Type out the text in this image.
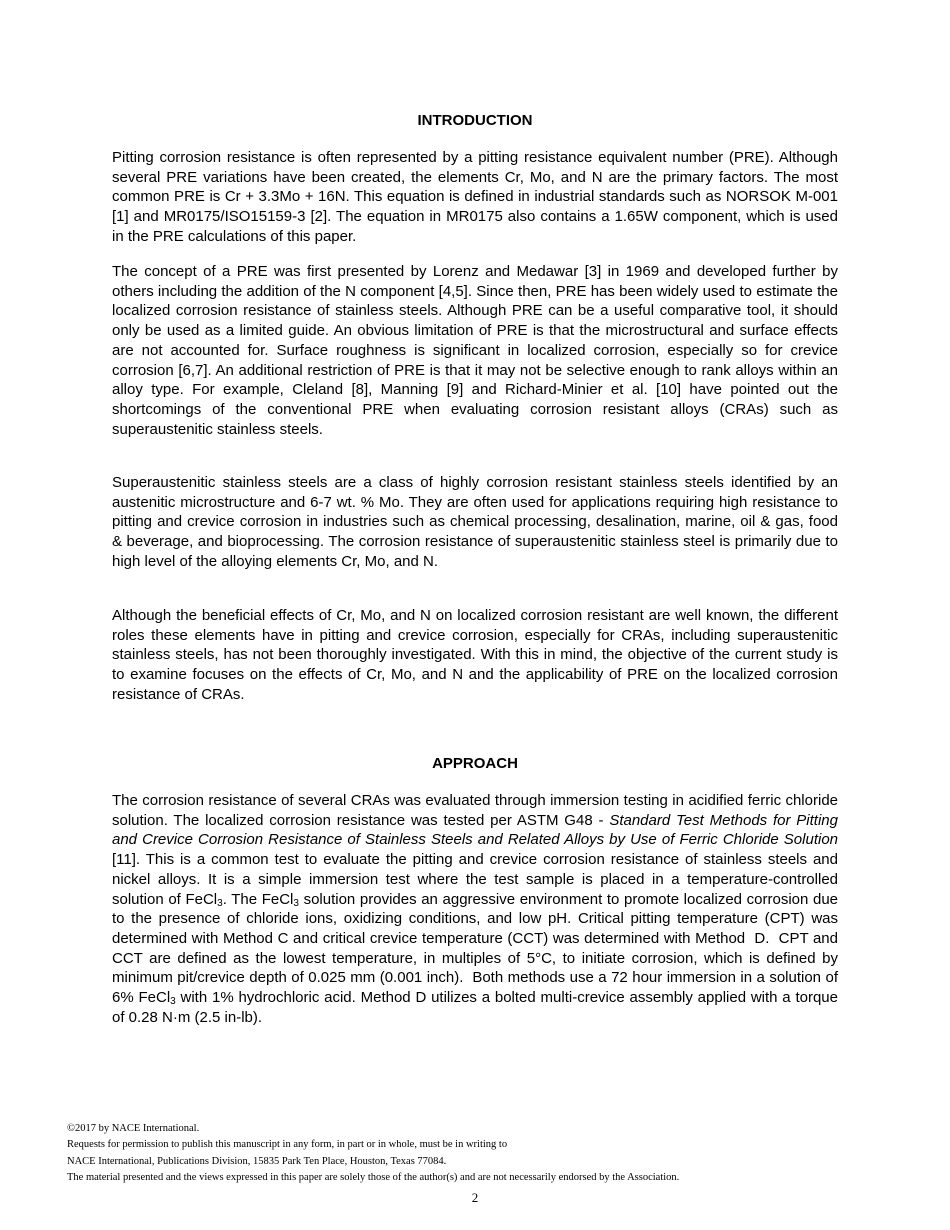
INTRODUCTION

Pitting corrosion resistance is often represented by a pitting resistance equivalent number (PRE). Although several PRE variations have been created, the elements Cr, Mo, and N are the primary factors. The most common PRE is Cr + 3.3Mo + 16N. This equation is defined in industrial standards such as NORSOK M-001 [1] and MR0175/ISO15159-3 [2]. The equation in MR0175 also contains a 1.65W component, which is used in the PRE calculations of this paper.

The concept of a PRE was first presented by Lorenz and Medawar [3] in 1969 and developed further by others including the addition of the N component [4,5]. Since then, PRE has been widely used to estimate the localized corrosion resistance of stainless steels. Although PRE can be a useful comparative tool, it should only be used as a limited guide. An obvious limitation of PRE is that the microstructural and surface effects are not accounted for. Surface roughness is significant in localized corrosion, especially so for crevice corrosion [6,7]. An additional restriction of PRE is that it may not be selective enough to rank alloys within an alloy type. For example, Cleland [8], Manning [9] and Richard-Minier et al. [10] have pointed out the shortcomings of the conventional PRE when evaluating corrosion resistant alloys (CRAs) such as superaustenitic stainless steels.

Superaustenitic stainless steels are a class of highly corrosion resistant stainless steels identified by an austenitic microstructure and 6-7 wt. % Mo. They are often used for applications requiring high resistance to pitting and crevice corrosion in industries such as chemical processing, desalination, marine, oil & gas, food & beverage, and bioprocessing. The corrosion resistance of superaustenitic stainless steel is primarily due to high level of the alloying elements Cr, Mo, and N.

Although the beneficial effects of Cr, Mo, and N on localized corrosion resistant are well known, the different roles these elements have in pitting and crevice corrosion, especially for CRAs, including superaustenitic stainless steels, has not been thoroughly investigated. With this in mind, the objective of the current study is to examine focuses on the effects of Cr, Mo, and N and the applicability of PRE on the localized corrosion resistance of CRAs.

APPROACH

The corrosion resistance of several CRAs was evaluated through immersion testing in acidified ferric chloride solution. The localized corrosion resistance was tested per ASTM G48 - Standard Test Methods for Pitting and Crevice Corrosion Resistance of Stainless Steels and Related Alloys by Use of Ferric Chloride Solution [11]. This is a common test to evaluate the pitting and crevice corrosion resistance of stainless steels and nickel alloys. It is a simple immersion test where the test sample is placed in a temperature-controlled solution of FeCl$_3$. The FeCl$_3$ solution provides an aggressive environment to promote localized corrosion due to the presence of chloride ions, oxidizing conditions, and low pH. Critical pitting temperature (CPT) was determined with Method C and critical crevice temperature (CCT) was determined with Method  D.  CPT and CCT are defined as the lowest temperature, in multiples of 5°C, to initiate corrosion, which is defined by minimum pit/crevice depth of 0.025 mm (0.001 inch).  Both methods use a 72 hour immersion in a solution of 6% FeCl$_3$ with 1% hydrochloric acid. Method D utilizes a bolted multi-crevice assembly applied with a torque of 0.28 N·m (2.5 in-lb).

©2017 by NACE International.
Requests for permission to publish this manuscript in any form, in part or in whole, must be in writing to
NACE International, Publications Division, 15835 Park Ten Place, Houston, Texas 77084.
The material presented and the views expressed in this paper are solely those of the author(s) and are not necessarily endorsed by the Association.
2
